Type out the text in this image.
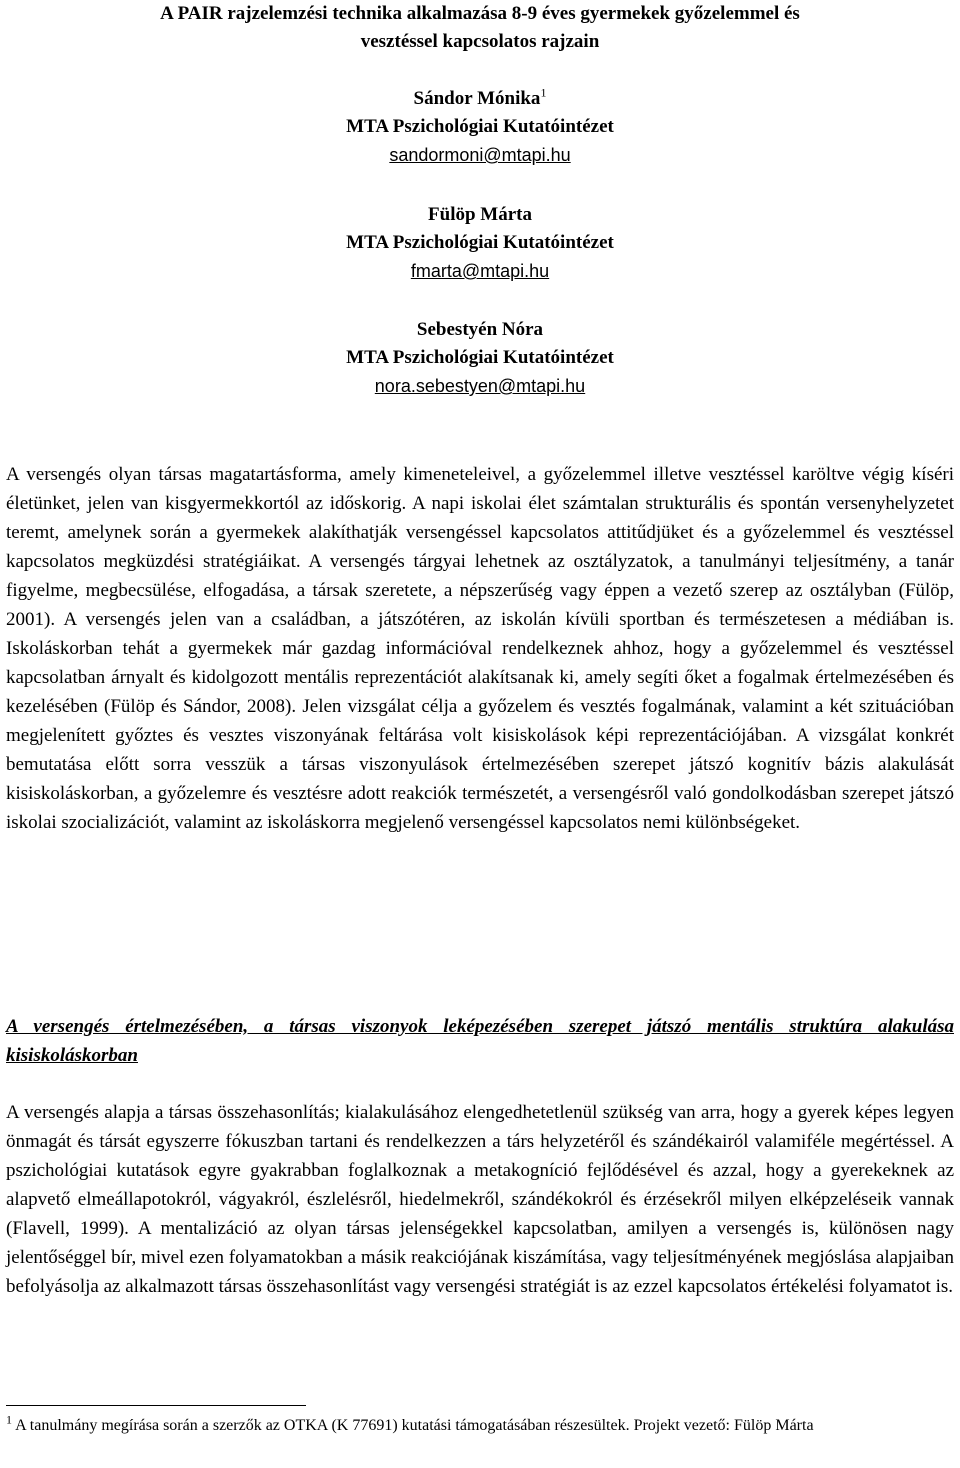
A PAIR rajzelemzési technika alkalmazása 8-9 éves gyermekek győzelemmel és
vesztéssel kapcsolatos rajzain
Sándor Mónika$^1$
MTA Pszichológiai Kutatóintézet
sandormoni@mtapi.hu
Fülöp Márta
MTA Pszichológiai Kutatóintézet
fmarta@mtapi.hu
Sebestyén Nóra
MTA Pszichológiai Kutatóintézet
nora.sebestyen@mtapi.hu
A versengés olyan társas magatartásforma, amely kimeneteleivel, a győzelemmel illetve vesztéssel karöltve végig kíséri életünket, jelen van kisgyermekkortól az időskorig. A napi iskolai élet számtalan strukturális és spontán versenyhelyzetet teremt, amelynek során a gyermekek alakíthatják versengéssel kapcsolatos attitűdjüket és a győzelemmel és vesztéssel kapcsolatos megküzdési stratégiáikat. A versengés tárgyai lehetnek az osztályzatok, a tanulmányi teljesítmény, a tanár figyelme, megbecsülése, elfogadása, a társak szeretete, a népszerűség vagy éppen a vezető szerep az osztályban (Fülöp, 2001). A versengés jelen van a családban, a játszótéren, az iskolán kívüli sportban és természetesen a médiában is. Iskoláskorban tehát a gyermekek már gazdag információval rendelkeznek ahhoz, hogy a győzelemmel és vesztéssel kapcsolatban árnyalt és kidolgozott mentális reprezentációt alakítsanak ki, amely segíti őket a fogalmak értelmezésében és kezelésében (Fülöp és Sándor, 2008). Jelen vizsgálat célja a győzelem és vesztés fogalmának, valamint a két szituációban megjelenített győztes és vesztes viszonyának feltárása volt kisiskolások képi reprezentációjában. A vizsgálat konkrét bemutatása előtt sorra vesszük a társas viszonyulások értelmezésében szerepet játszó kognitív bázis alakulását kisiskoláskorban, a győzelemre és vesztésre adott reakciók természetét, a versengésről való gondolkodásban szerepet játszó iskolai szocializációt, valamint az iskoláskorra megjelenő versengéssel kapcsolatos nemi különbségeket.
A versengés értelmezésében, a társas viszonyok leképezésében szerepet játszó mentális struktúra alakulása kisiskoláskorban
A versengés alapja a társas összehasonlítás; kialakulásához elengedhetetlenül szükség van arra, hogy a gyerek képes legyen önmagát és társát egyszerre fókuszban tartani és rendelkezzen a társ helyzetéről és szándékairól valamiféle megértéssel. A pszichológiai kutatások egyre gyakrabban foglalkoznak a metakogníció fejlődésével és azzal, hogy a gyerekeknek az alapvető elmeállapotokról, vágyakról, észlelésről, hiedelmekről, szándékokról és érzésekről milyen elképzeléseik vannak (Flavell, 1999). A mentalizáció az olyan társas jelenségekkel kapcsolatban, amilyen a versengés is, különösen nagy jelentőséggel bír, mivel ezen folyamatokban a másik reakciójának kiszámítása, vagy teljesítményének megjóslása alapjaiban befolyásolja az alkalmazott társas összehasonlítást vagy versengési stratégiát is az ezzel kapcsolatos értékelési folyamatot is.
$^1$ A tanulmány megírása során a szerzők az OTKA (K 77691) kutatási támogatásában részesültek. Projekt vezető: Fülöp Márta
